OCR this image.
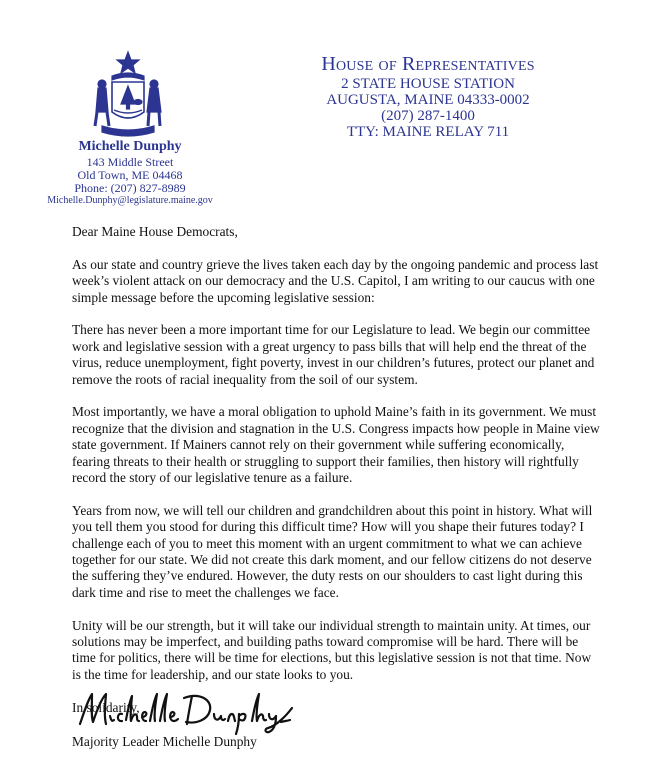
Michelle Dunphy
143 Middle Street
Old Town, ME 04468
Phone: (207) 827-8989
Michelle.Dunphy@legislature.maine.gov
House of Representatives
2 STATE HOUSE STATION
AUGUSTA, MAINE 04333-0002
(207) 287-1400
TTY: MAINE RELAY 711

Dear Maine House Democrats,

As our state and country grieve the lives taken each day by the ongoing pandemic and process last week’s violent attack on our democracy and the U.S. Capitol, I am writing to our caucus with one simple message before the upcoming legislative session:

There has never been a more important time for our Legislature to lead. We begin our committee work and legislative session with a great urgency to pass bills that will help end the threat of the virus, reduce unemployment, fight poverty, invest in our children’s futures, protect our planet and remove the roots of racial inequality from the soil of our system.

Most importantly, we have a moral obligation to uphold Maine’s faith in its government. We must recognize that the division and stagnation in the U.S. Congress impacts how people in Maine view state government. If Mainers cannot rely on their government while suffering economically, fearing threats to their health or struggling to support their families, then history will rightfully record the story of our legislative tenure as a failure.

Years from now, we will tell our children and grandchildren about this point in history. What will you tell them you stood for during this difficult time? How will you shape their futures today? I challenge each of you to meet this moment with an urgent commitment to what we can achieve together for our state. We did not create this dark moment, and our fellow citizens do not deserve the suffering they’ve endured. However, the duty rests on our shoulders to cast light during this dark time and rise to meet the challenges we face.

Unity will be our strength, but it will take our individual strength to maintain unity. At times, our solutions may be imperfect, and building paths toward compromise will be hard. There will be time for politics, there will be time for elections, but this legislative session is not that time. Now is the time for leadership, and our state looks to you.

In solidarity,

Majority Leader Michelle Dunphy
